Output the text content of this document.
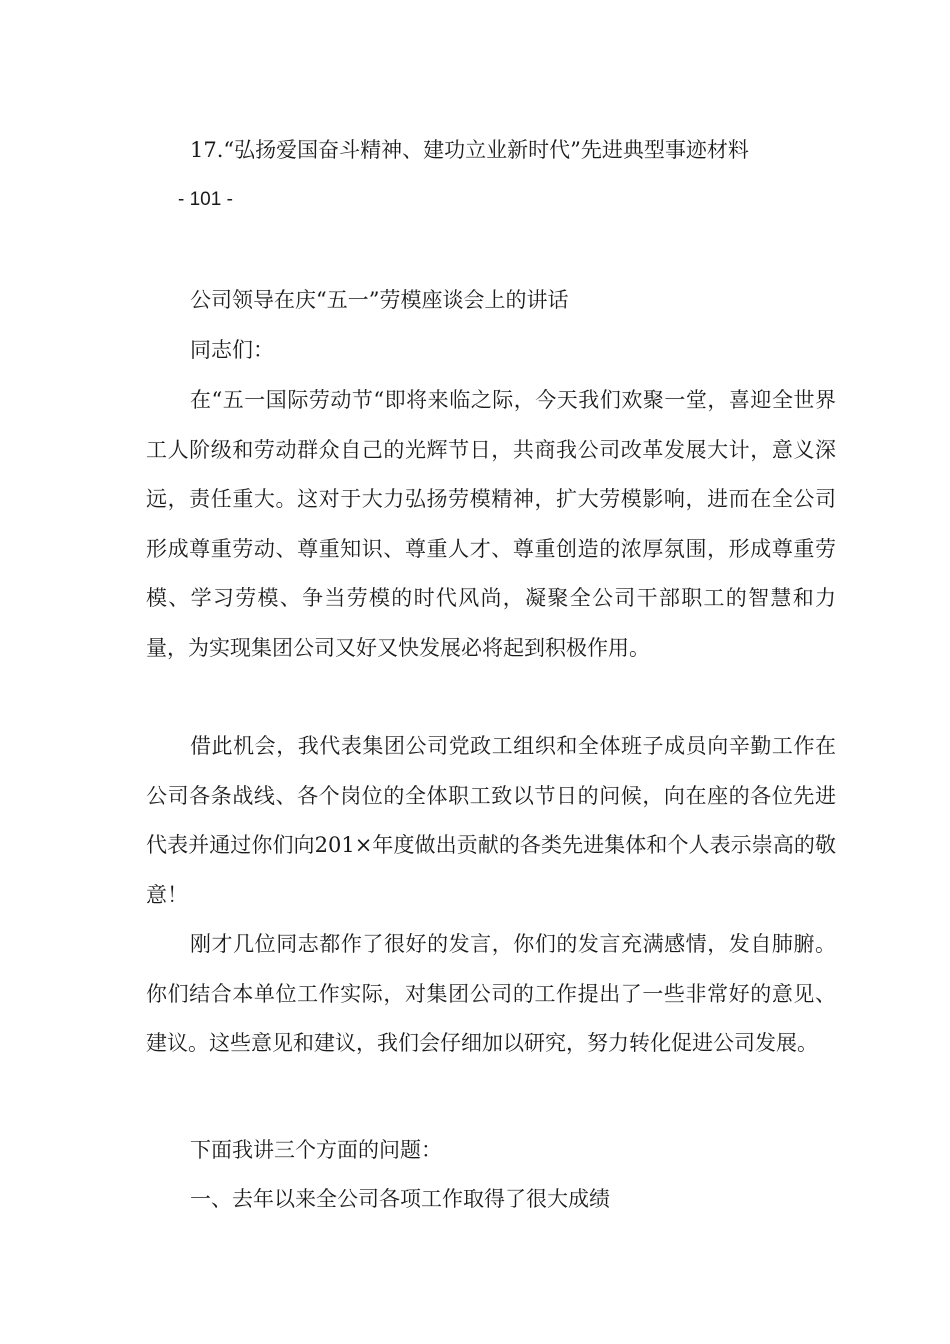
17.“弘扬爱国奋斗精神、建功立业新时代”先进典型事迹材料

- 101 -

公司领导在庆“五一”劳模座谈会上的讲话

同志们：

在“五一国际劳动节“即将来临之际，今天我们欢聚一堂，喜迎全世界工人阶级和劳动群众自己的光辉节日，共商我公司改革发展大计，意义深远，责任重大。这对于大力弘扬劳模精神，扩大劳模影响，进而在全公司形成尊重劳动、尊重知识、尊重人才、尊重创造的浓厚氛围，形成尊重劳模、学习劳模、争当劳模的时代风尚，凝聚全公司干部职工的智慧和力量，为实现集团公司又好又快发展必将起到积极作用。

借此机会，我代表集团公司党政工组织和全体班子成员向辛勤工作在公司各条战线、各个岗位的全体职工致以节日的问候，向在座的各位先进代表并通过你们向201×年度做出贡献的各类先进集体和个人表示崇高的敬意！

刚才几位同志都作了很好的发言，你们的发言充满感情，发自肺腑。你们结合本单位工作实际，对集团公司的工作提出了一些非常好的意见、建议。这些意见和建议，我们会仔细加以研究，努力转化促进公司发展。

下面我讲三个方面的问题：

一、去年以来全公司各项工作取得了很大成绩
